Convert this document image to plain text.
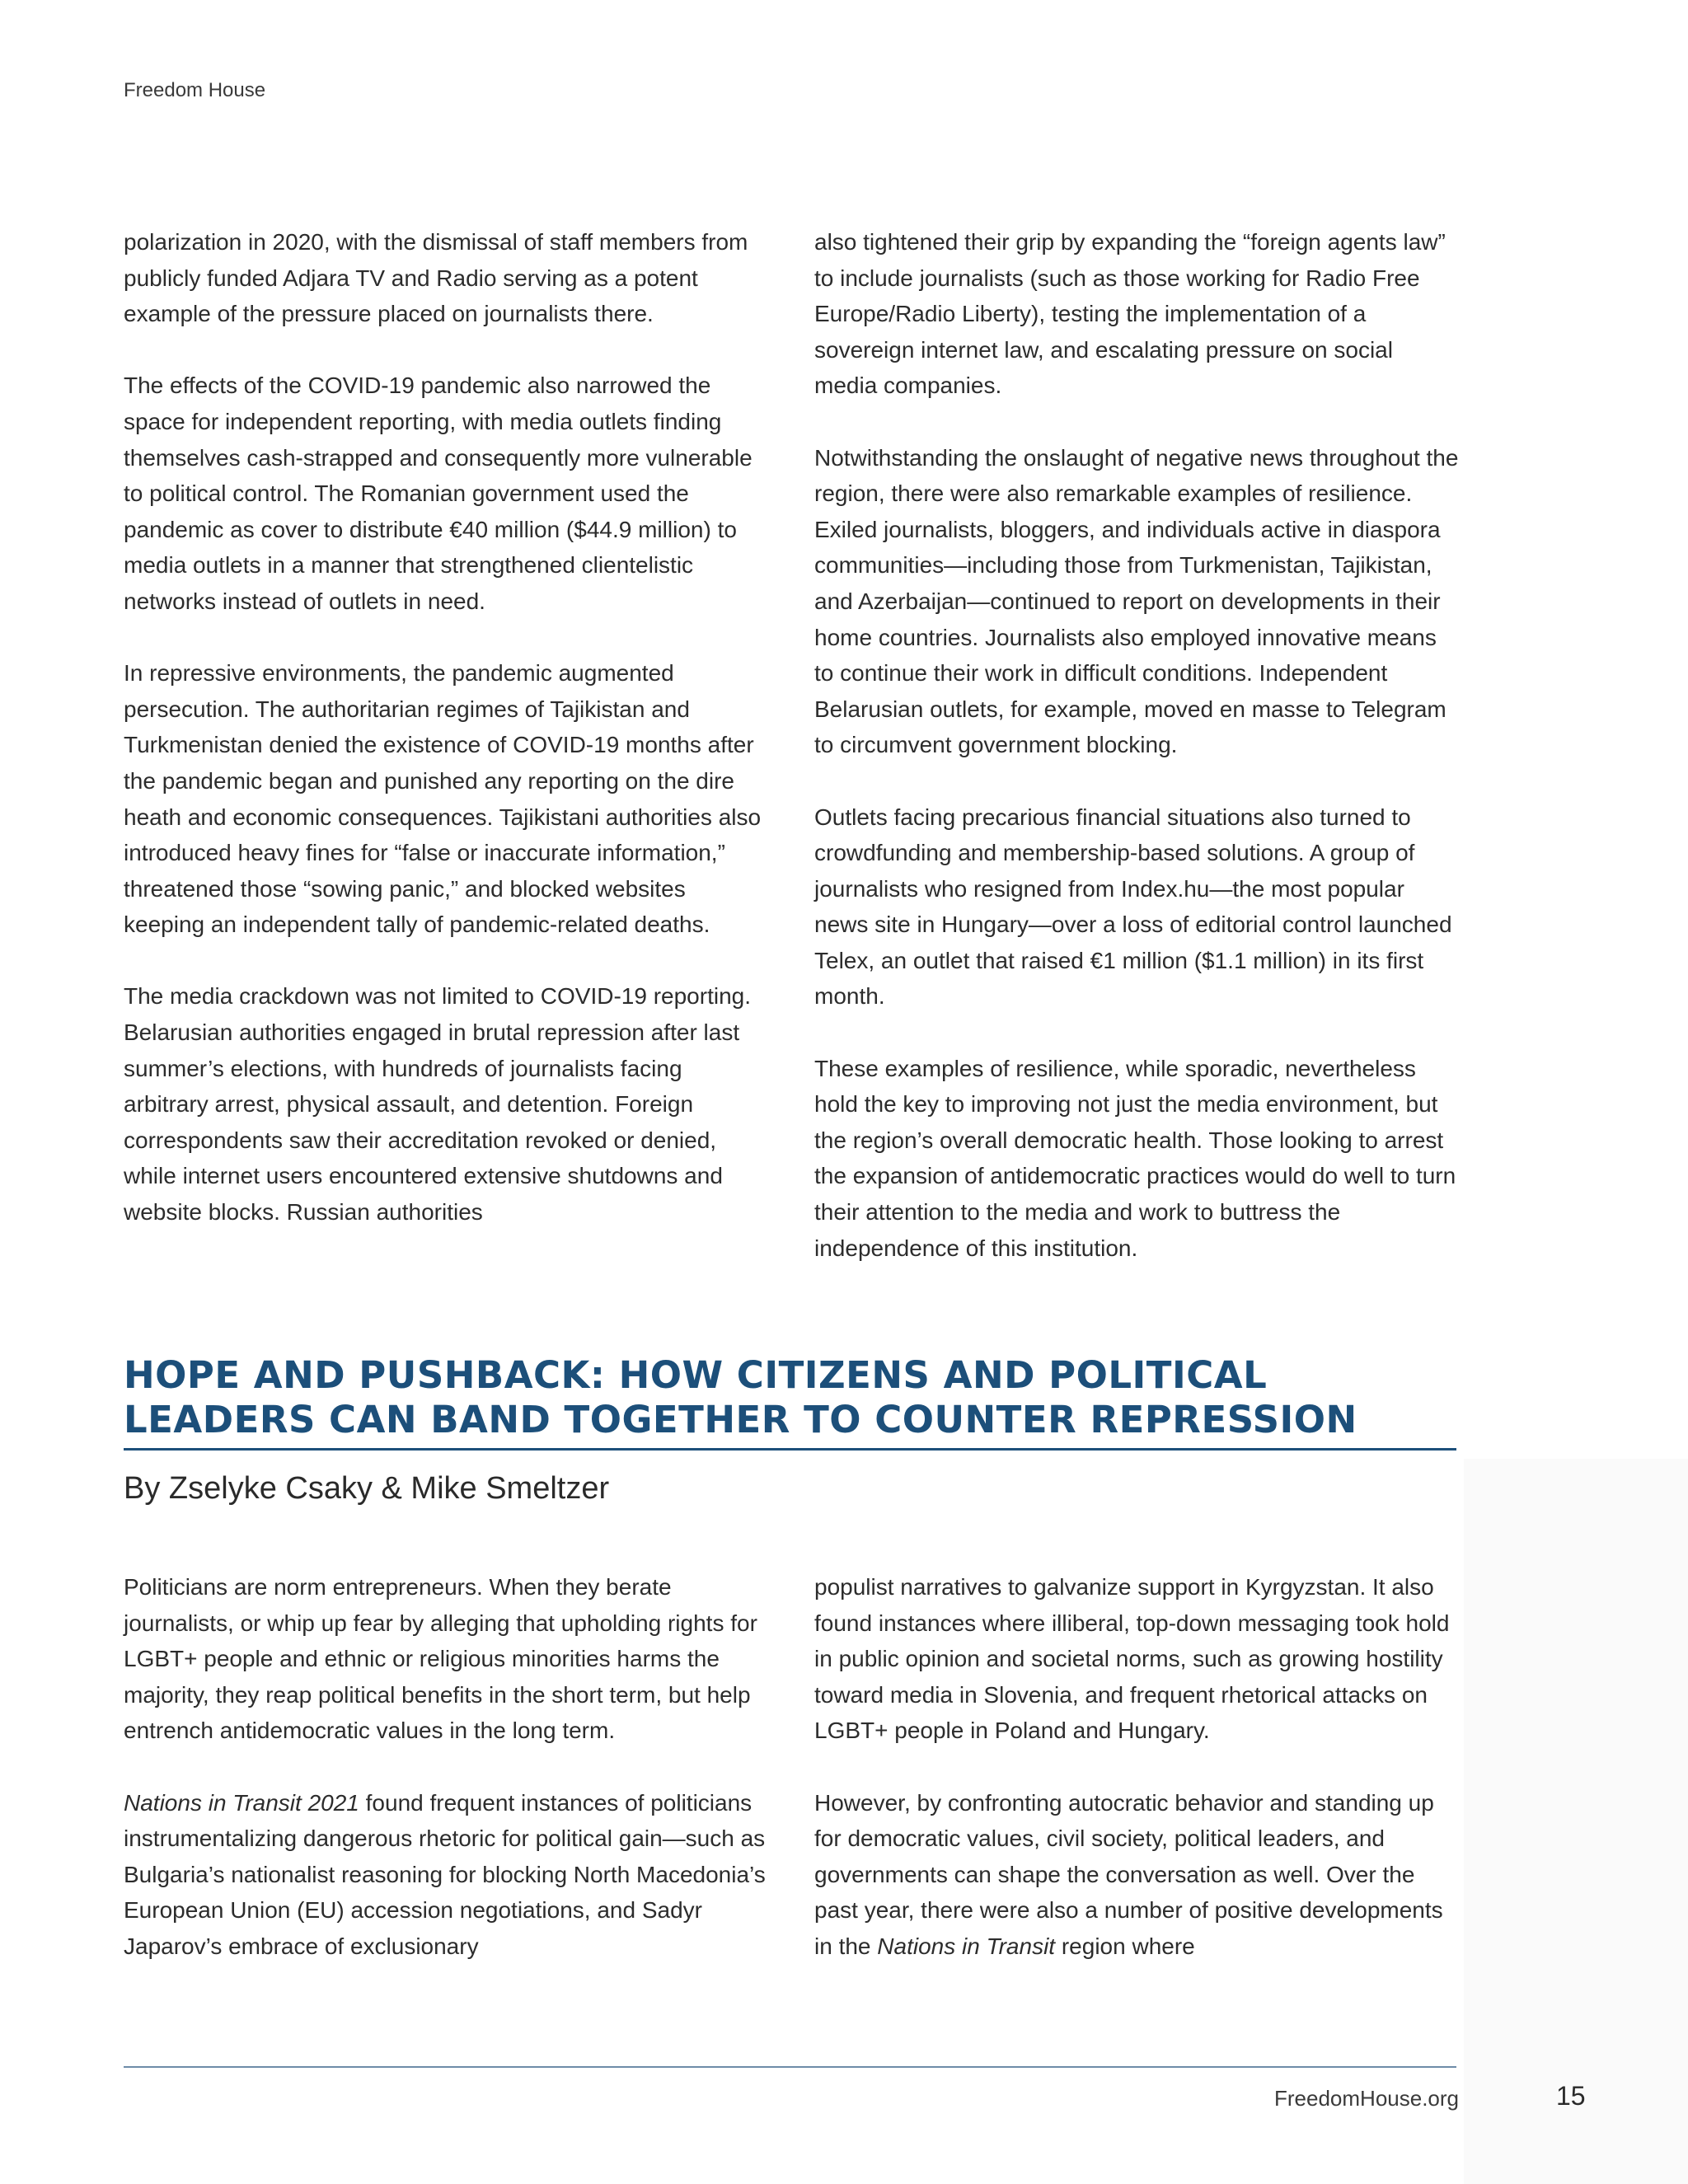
Freedom House

polarization in 2020, with the dismissal of staff members from publicly funded Adjara TV and Radio serving as a potent example of the pressure placed on journalists there.

The effects of the COVID-19 pandemic also narrowed the space for independent reporting, with media outlets finding themselves cash-strapped and consequently more vulnerable to political control. The Romanian government used the pandemic as cover to distribute €40 million ($44.9 million) to media outlets in a manner that strengthened clientelistic networks instead of outlets in need.

In repressive environments, the pandemic augmented persecution. The authoritarian regimes of Tajikistan and Turkmenistan denied the existence of COVID-19 months after the pandemic began and punished any reporting on the dire heath and economic consequences. Tajikistani authorities also introduced heavy fines for “false or inaccurate information,” threatened those “sowing panic,” and blocked websites keeping an independent tally of pandemic-related deaths.

The media crackdown was not limited to COVID-19 reporting. Belarusian authorities engaged in brutal repression after last summer’s elections, with hundreds of journalists facing arbitrary arrest, physical assault, and detention. Foreign correspondents saw their accreditation revoked or denied, while internet users encountered extensive shutdowns and website blocks. Russian authorities

also tightened their grip by expanding the “foreign agents law” to include journalists (such as those working for Radio Free Europe/Radio Liberty), testing the implementation of a sovereign internet law, and escalating pressure on social media companies.

Notwithstanding the onslaught of negative news throughout the region, there were also remarkable examples of resilience. Exiled journalists, bloggers, and individuals active in diaspora communities—including those from Turkmenistan, Tajikistan, and Azerbaijan—continued to report on developments in their home countries. Journalists also employed innovative means to continue their work in difficult conditions. Independent Belarusian outlets, for example, moved en masse to Telegram to circumvent government blocking.

Outlets facing precarious financial situations also turned to crowdfunding and membership-based solutions. A group of journalists who resigned from Index.hu—the most popular news site in Hungary—over a loss of editorial control launched Telex, an outlet that raised €1 million ($1.1 million) in its first month.

These examples of resilience, while sporadic, nevertheless hold the key to improving not just the media environment, but the region’s overall democratic health. Those looking to arrest the expansion of antidemocratic practices would do well to turn their attention to the media and work to buttress the independence of this institution.

HOPE AND PUSHBACK: HOW CITIZENS AND POLITICAL LEADERS CAN BAND TOGETHER TO COUNTER REPRESSION
By Zselyke Csaky & Mike Smeltzer

Politicians are norm entrepreneurs. When they berate journalists, or whip up fear by alleging that upholding rights for LGBT+ people and ethnic or religious minorities harms the majority, they reap political benefits in the short term, but help entrench antidemocratic values in the long term.

Nations in Transit 2021 found frequent instances of politicians instrumentalizing dangerous rhetoric for political gain—such as Bulgaria’s nationalist reasoning for blocking North Macedonia’s European Union (EU) accession negotiations, and Sadyr Japarov’s embrace of exclusionary

populist narratives to galvanize support in Kyrgyzstan. It also found instances where illiberal, top-down messaging took hold in public opinion and societal norms, such as growing hostility toward media in Slovenia, and frequent rhetorical attacks on LGBT+ people in Poland and Hungary.

However, by confronting autocratic behavior and standing up for democratic values, civil society, political leaders, and governments can shape the conversation as well. Over the past year, there were also a number of positive developments in the Nations in Transit region where

FreedomHouse.org	15
